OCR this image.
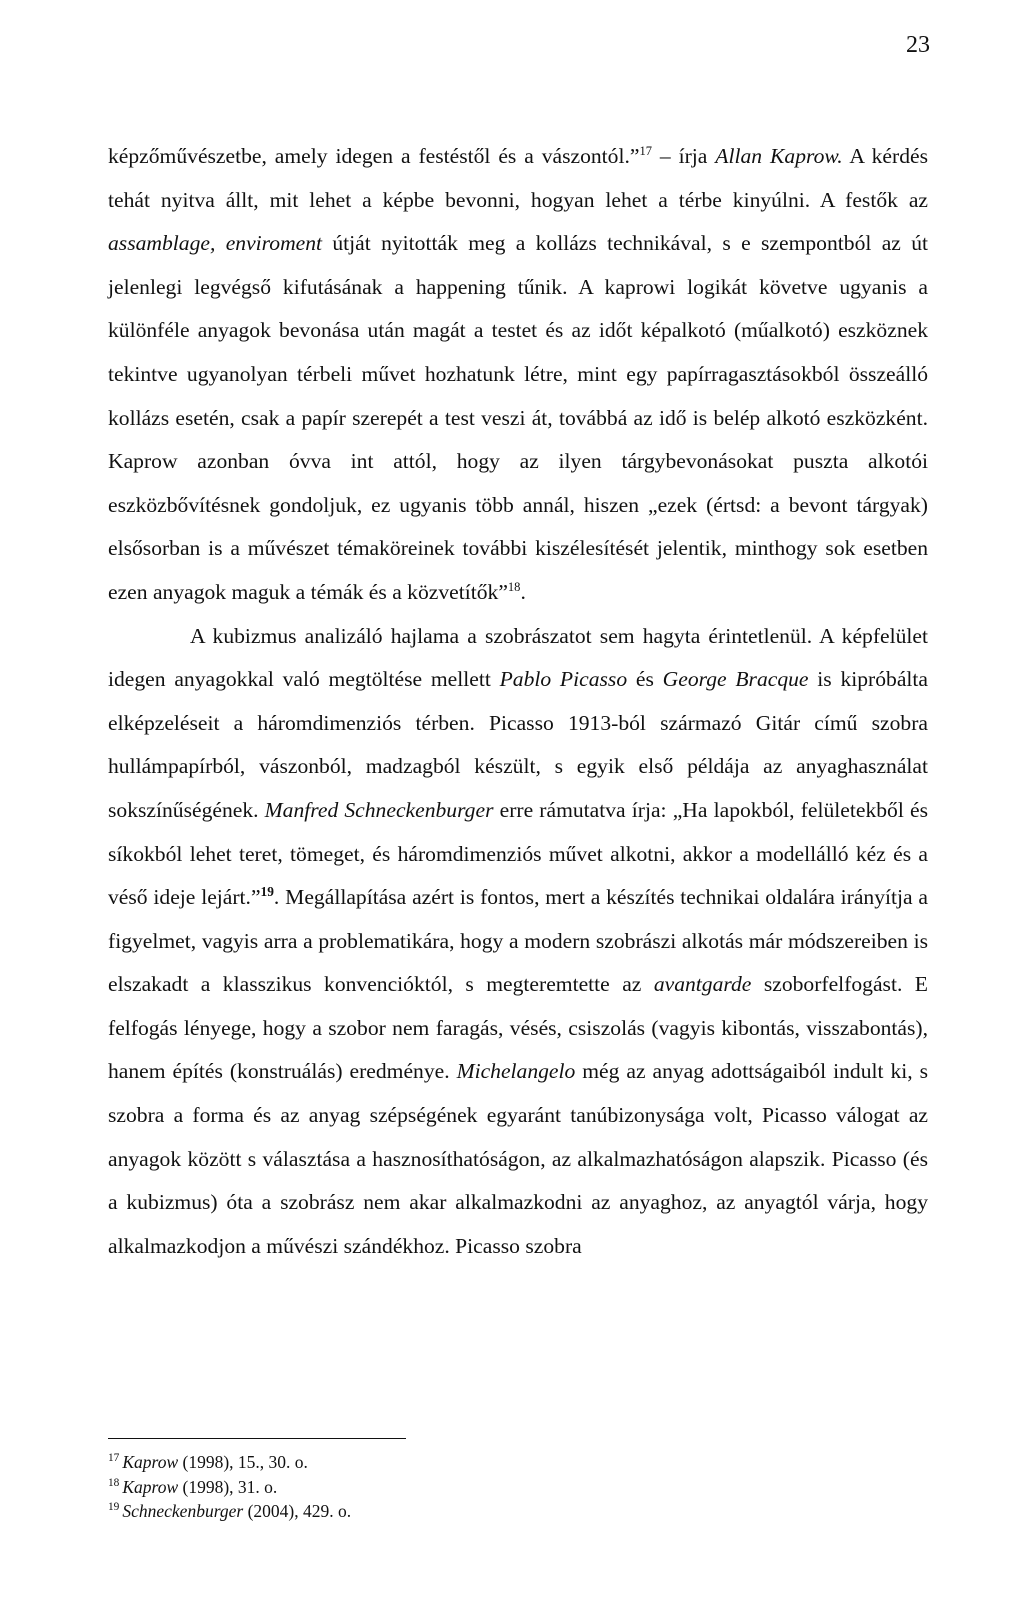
23

képzőművészetbe, amely idegen a festéstől és a vászontól.”$^{17}$ – írja Allan Kaprow. A kérdés tehát nyitva állt, mit lehet a képbe bevonni, hogyan lehet a térbe kinyúlni. A festők az assamblage, enviroment útját nyitották meg a kollázs technikával, s e szempontból az út jelenlegi legvégső kifutásának a happening tűnik. A kaprowi logikát követve ugyanis a különféle anyagok bevonása után magát a testet és az időt képalkotó (műalkotó) eszköznek tekintve ugyanolyan térbeli művet hozhatunk létre, mint egy papírragasztásokból összeálló kollázs esetén, csak a papír szerepét a test veszi át, továbbá az idő is belép alkotó eszközként. Kaprow azonban óvva int attól, hogy az ilyen tárgybevonásokat puszta alkotói eszközbővítésnek gondoljuk, ez ugyanis több annál, hiszen „ezek (értsd: a bevont tárgyak) elsősorban is a művészet témaköreinek további kiszélesítését jelentik, minthogy sok esetben ezen anyagok maguk a témák és a közvetítők”$^{18}$.

A kubizmus analizáló hajlama a szobrászatot sem hagyta érintetlenül. A képfelület idegen anyagokkal való megtöltése mellett Pablo Picasso és George Bracque is kipróbálta elképzeléseit a háromdimenziós térben. Picasso 1913-ból származó Gitár című szobra hullámpapírból, vászonból, madzagból készült, s egyik első példája az anyaghasználat sokszínűségének. Manfred Schneckenburger erre rámutatva írja: „Ha lapokból, felületekből és síkokból lehet teret, tömeget, és háromdimenziós művet alkotni, akkor a modellálló kéz és a véső ideje lejárt.”$^{19}$. Megállapítása azért is fontos, mert a készítés technikai oldalára irányítja a figyelmet, vagyis arra a problematikára, hogy a modern szobrászi alkotás már módszereiben is elszakadt a klasszikus konvencióktól, s megteremtette az avantgarde szoborfelfogást. E felfogás lényege, hogy a szobor nem faragás, vésés, csiszolás (vagyis kibontás, visszabontás), hanem építés (konstruálás) eredménye. Michelangelo még az anyag adottságaiból indult ki, s szobra a forma és az anyag szépségének egyaránt tanúbizonysága volt, Picasso válogat az anyagok között s választása a hasznosíthatóságon, az alkalmazhatóságon alapszik. Picasso (és a kubizmus) óta a szobrász nem akar alkalmazkodni az anyaghoz, az anyagtól várja, hogy alkalmazkodjon a művészi szándékhoz. Picasso szobra

$^{17}$ Kaprow (1998), 15., 30. o.
$^{18}$ Kaprow (1998), 31. o.
$^{19}$ Schneckenburger (2004), 429. o.
